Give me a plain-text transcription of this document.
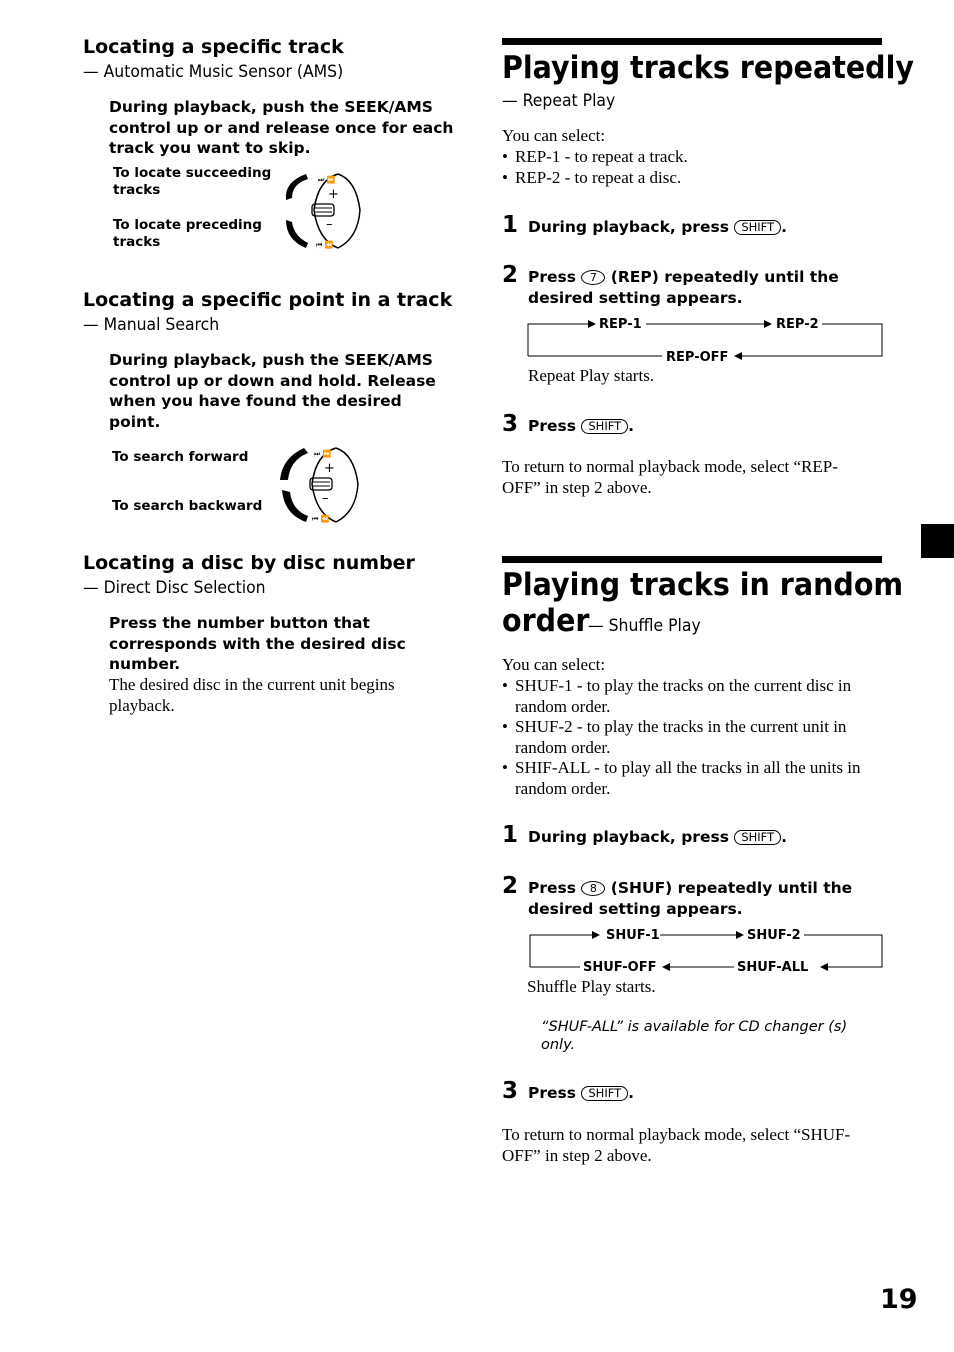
Locating a specific track
— Automatic Music Sensor (AMS)
During playback, push the SEEK/AMS control up or and release once for each track you want to skip.
To locate succeeding tracks
To locate preceding tracks
+
–
⏭ ⏩
⏮ ⏪
Locating a specific point in a track
— Manual Search
During playback, push the SEEK/AMS control up or down and hold. Release when you have found the desired point.
To search forward
To search backward
+
–
⏭ ⏩
⏮ ⏪
Locating a disc by disc number
— Direct Disc Selection
Press the number button that corresponds with the desired disc number.
The desired disc in the current unit begins playback.
Playing tracks repeatedly
— Repeat Play
You can select:
• REP-1 - to repeat a track.
• REP-2 - to repeat a disc.
1 During playback, press SHIFT .
2 Press 7 (REP) repeatedly until the desired setting appears.
REP-1	REP-2
REP-OFF
Repeat Play starts.
3 Press SHIFT .
To return to normal playback mode, select “REP-OFF” in step 2 above.
Playing tracks in random
order
— Shuffle Play
You can select:
• SHUF-1 - to play the tracks on the current disc in random order.
• SHUF-2 - to play the tracks in the current unit in random order.
• SHIF-ALL - to play all the tracks in all the units in random order.
1 During playback, press SHIFT .
2 Press 8 (SHUF) repeatedly until the desired setting appears.
SHUF-1	SHUF-2
SHUF-OFF	SHUF-ALL
Shuffle Play starts.
“SHUF-ALL” is available for CD changer (s) only.
3 Press SHIFT .
To return to normal playback mode, select “SHUF-OFF” in step 2 above.
19
